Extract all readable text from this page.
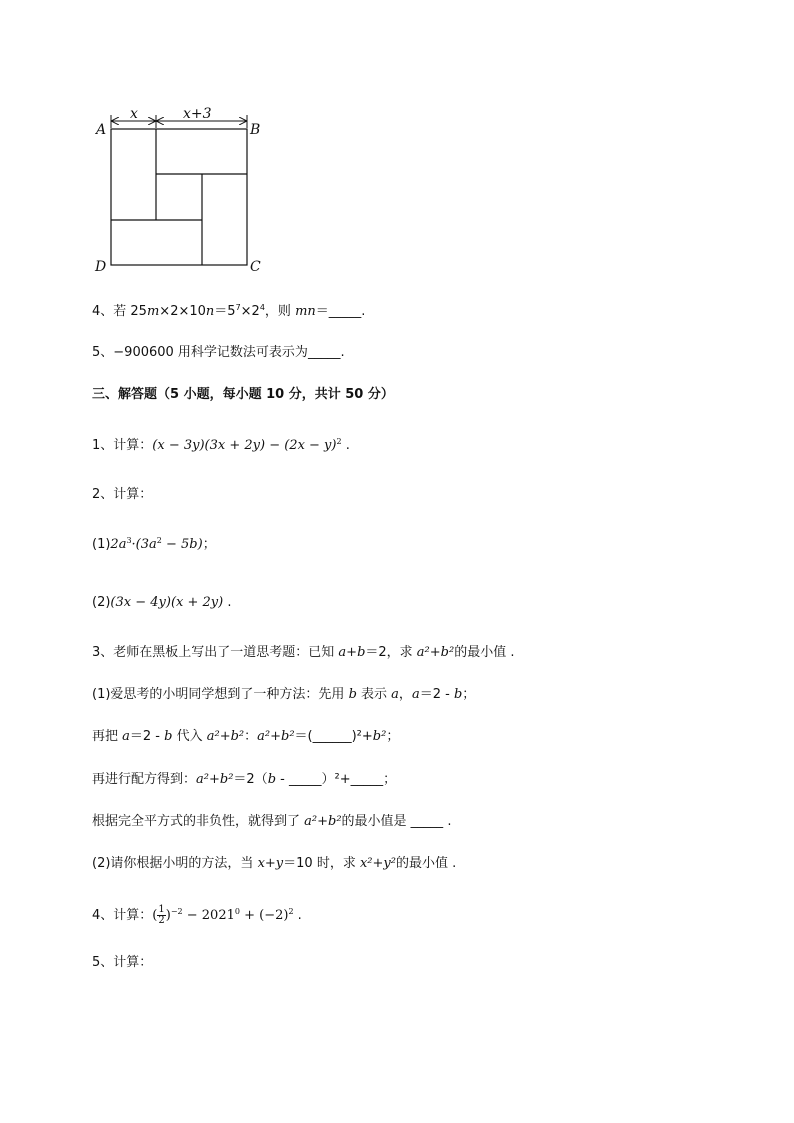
x	x+3
A	B
D	C
4、若 $25m\times 2\times 10n=5^7\times 2^4$，则 mn＝_____.
5、−900600 用科学记数法可表示为_____.
三、解答题（5 小题，每小题 10 分，共计 50 分）
1、计算：$(x - 3y)(3x + 2y) - (2x - y)^2$ .
2、计算：
$(1)2a^3\cdot(3a^2 - 5b)$；
(2)(3x − 4y)(x + 2y) .
3、老师在黑板上写出了一道思考题：已知 a+b＝2，求 a²+b²的最小值 .
(1)爱思考的小明同学想到了一种方法：先用 b 表示 a，a＝2 - b；
再把 a＝2 - b 代入 a²+b²：a²+b²＝(______)²+b²；
再进行配方得到：a²+b²＝2（b - _____）²+_____；
根据完全平方式的非负性，就得到了 a²+b²的最小值是 _____ .
(2)请你根据小明的方法，当 x+y＝10 时，求 x²+y²的最小值 .
4、计算：( $\frac{1}{2} )^{-2} - 2021^0 + (-2)^2$ .
5、计算：
